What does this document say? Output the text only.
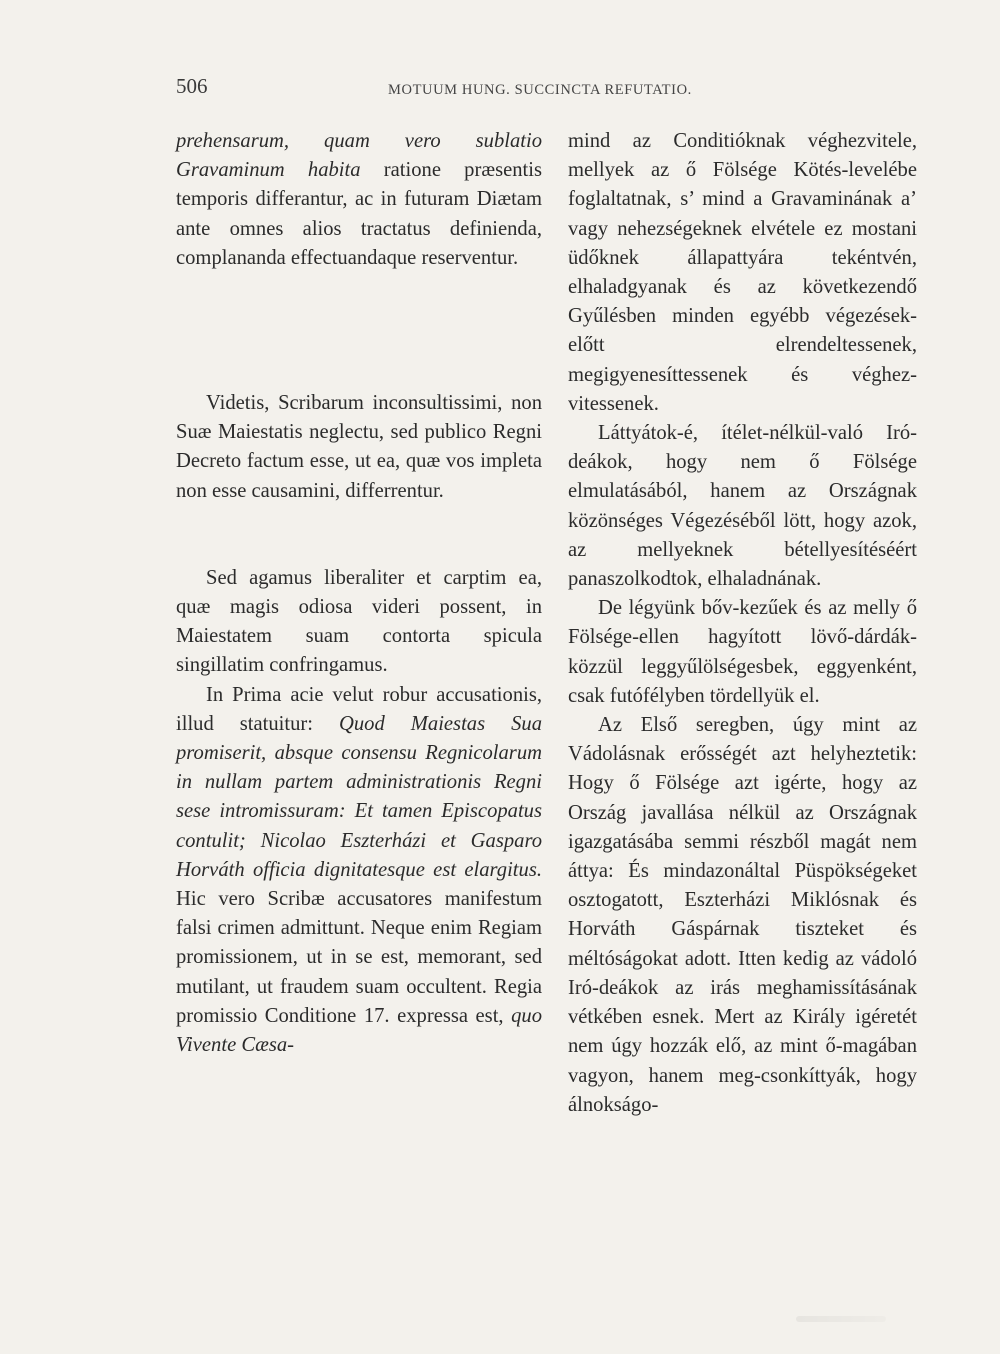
506	MOTUUM HUNG. SUCCINCTA REFUTATIO.

prehensarum, quam vero sublatio Gravaminum habita ratione præsentis temporis differantur, ac in futuram Diætam ante omnes alios tractatus definienda, complananda effectuandaque reserventur.

Videtis, Scribarum inconsultissimi, non Suæ Maiestatis neglectu, sed publico Regni Decreto factum esse, ut ea, quæ vos impleta non esse causamini, differrentur.

Sed agamus liberaliter et carptim ea, quæ magis odiosa videri possent, in Maiestatem suam contorta spicula singillatim confringamus.

In Prima acie velut robur accusationis, illud statuitur: Quod Maiestas Sua promiserit, absque consensu Regnicolarum in nullam partem administrationis Regni sese intromissuram: Et tamen Episcopatus contulit; Nicolao Eszterházi et Gasparo Horváth officia dignitatesque est elargitus. Hic vero Scribæ accusatores manifestum falsi crimen admittunt. Neque enim Regiam promissionem, ut in se est, memorant, sed mutilant, ut fraudem suam occultent. Regia promissio Conditione 17. expressa est, quo Vivente Cæsa-

mind az Conditióknak véghezvitele, mellyek az ő Fölsége Kötés-levelébe foglaltatnak, s’ mind a Gravaminának a’ vagy nehezségeknek elvétele ez mostani üdőknek állapattyára tekéntvén, elhaladgyanak és az következendő Gyűlésben minden egyébb végezések-előtt elrendeltessenek, megigyenesíttessenek és véghez-vitessenek.

Láttyátok-é, ítélet-nélkül-való Iró-deákok, hogy nem ő Fölsége elmulatásából, hanem az Országnak közönséges Végezéséből lött, hogy azok, az mellyeknek bétellyesítéséért panaszolkodtok, elhaladnának.

De légyünk bőv-kezűek és az melly ő Fölsége-ellen hagyított lövő-dárdák-közzül leggyűlölségesbek, eggyenként, csak futófélyben tördellyük el.

Az Első seregben, úgy mint az Vádolásnak erősségét azt helyheztetik: Hogy ő Fölsége azt igérte, hogy az Ország javallása nélkül az Országnak igazgatásába semmi részből magát nem áttya: És mindazonáltal Püspökségeket osztogatott, Eszterházi Miklósnak és Horváth Gáspárnak tiszteket és méltóságokat adott. Itten kedig az vádoló Iró-deákok az irás meghamissításának vétkében esnek. Mert az Király igéretét nem úgy hozzák elő, az mint ő-magában vagyon, hanem meg-csonkíttyák, hogy álnokságo-
